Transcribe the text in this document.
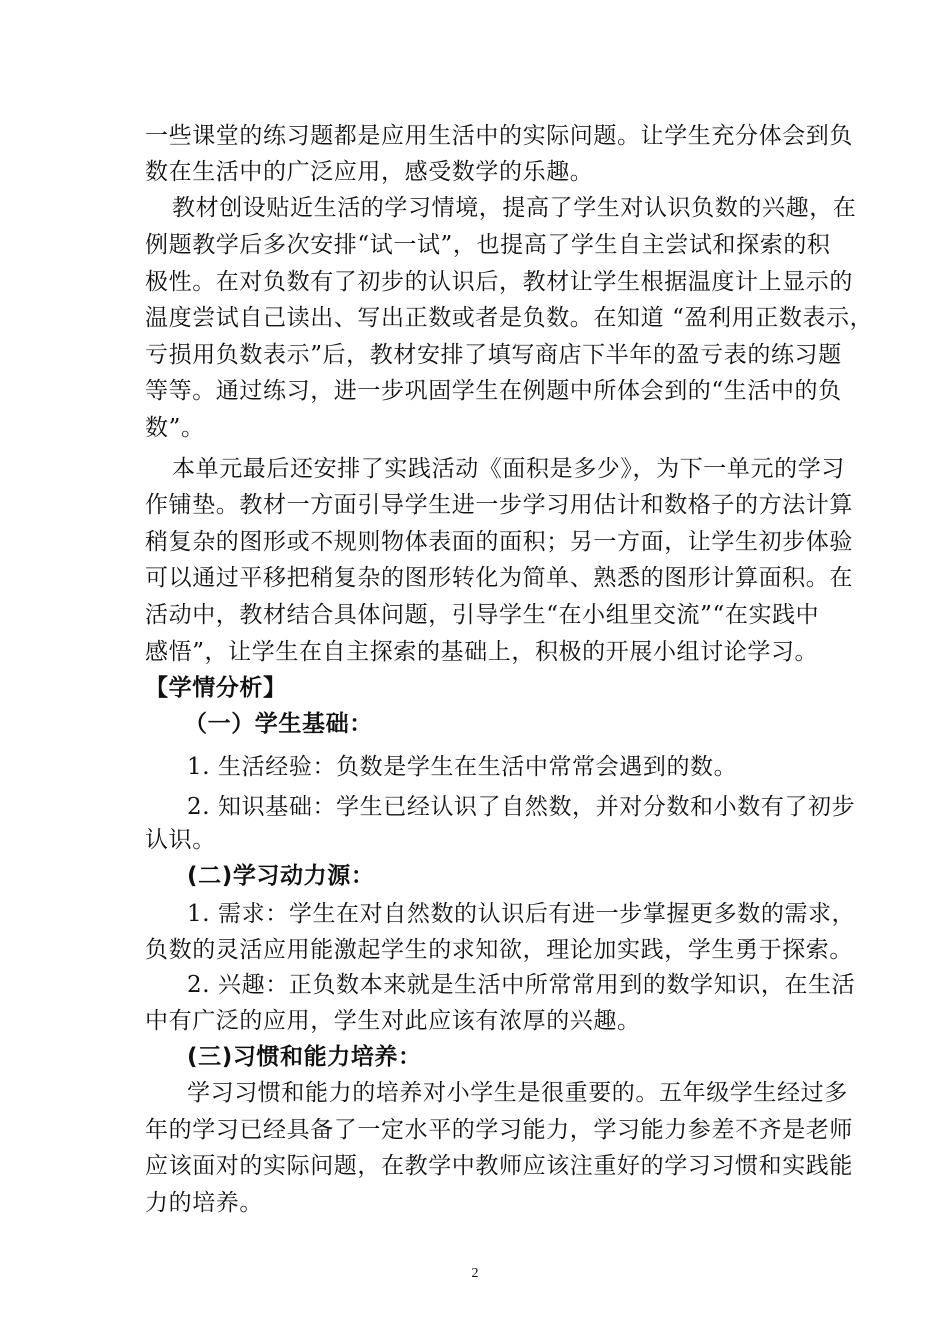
一些课堂的练习题都是应用生活中的实际问题。让学生充分体会到负
数在生活中的广泛应用，感受数学的乐趣。
教材创设贴近生活的学习情境，提高了学生对认识负数的兴趣，在
例题教学后多次安排“试一试”，也提高了学生自主尝试和探索的积
极性。在对负数有了初步的认识后，教材让学生根据温度计上显示的
温度尝试自己读出、写出正数或者是负数。在知道 “盈利用正数表示，
亏损用负数表示”后，教材安排了填写商店下半年的盈亏表的练习题
等等。通过练习，进一步巩固学生在例题中所体会到的“生活中的负
数”。
本单元最后还安排了实践活动《面积是多少》，为下一单元的学习
作铺垫。教材一方面引导学生进一步学习用估计和数格子的方法计算
稍复杂的图形或不规则物体表面的面积；另一方面，让学生初步体验
可以通过平移把稍复杂的图形转化为简单、熟悉的图形计算面积。在
活动中，教材结合具体问题，引导学生“在小组里交流”“在实践中
感悟”，让学生在自主探索的基础上，积极的开展小组讨论学习。
【学情分析】
（一）学生基础：
1. 生活经验：负数是学生在生活中常常会遇到的数。
2. 知识基础：学生已经认识了自然数，并对分数和小数有了初步
认识。
(二)学习动力源：
1. 需求：学生在对自然数的认识后有进一步掌握更多数的需求，
负数的灵活应用能激起学生的求知欲，理论加实践，学生勇于探索。
2. 兴趣：正负数本来就是生活中所常常用到的数学知识，在生活
中有广泛的应用，学生对此应该有浓厚的兴趣。
(三)习惯和能力培养：
学习习惯和能力的培养对小学生是很重要的。五年级学生经过多
年的学习已经具备了一定水平的学习能力，学习能力参差不齐是老师
应该面对的实际问题，在教学中教师应该注重好的学习习惯和实践能
力的培养。
2
